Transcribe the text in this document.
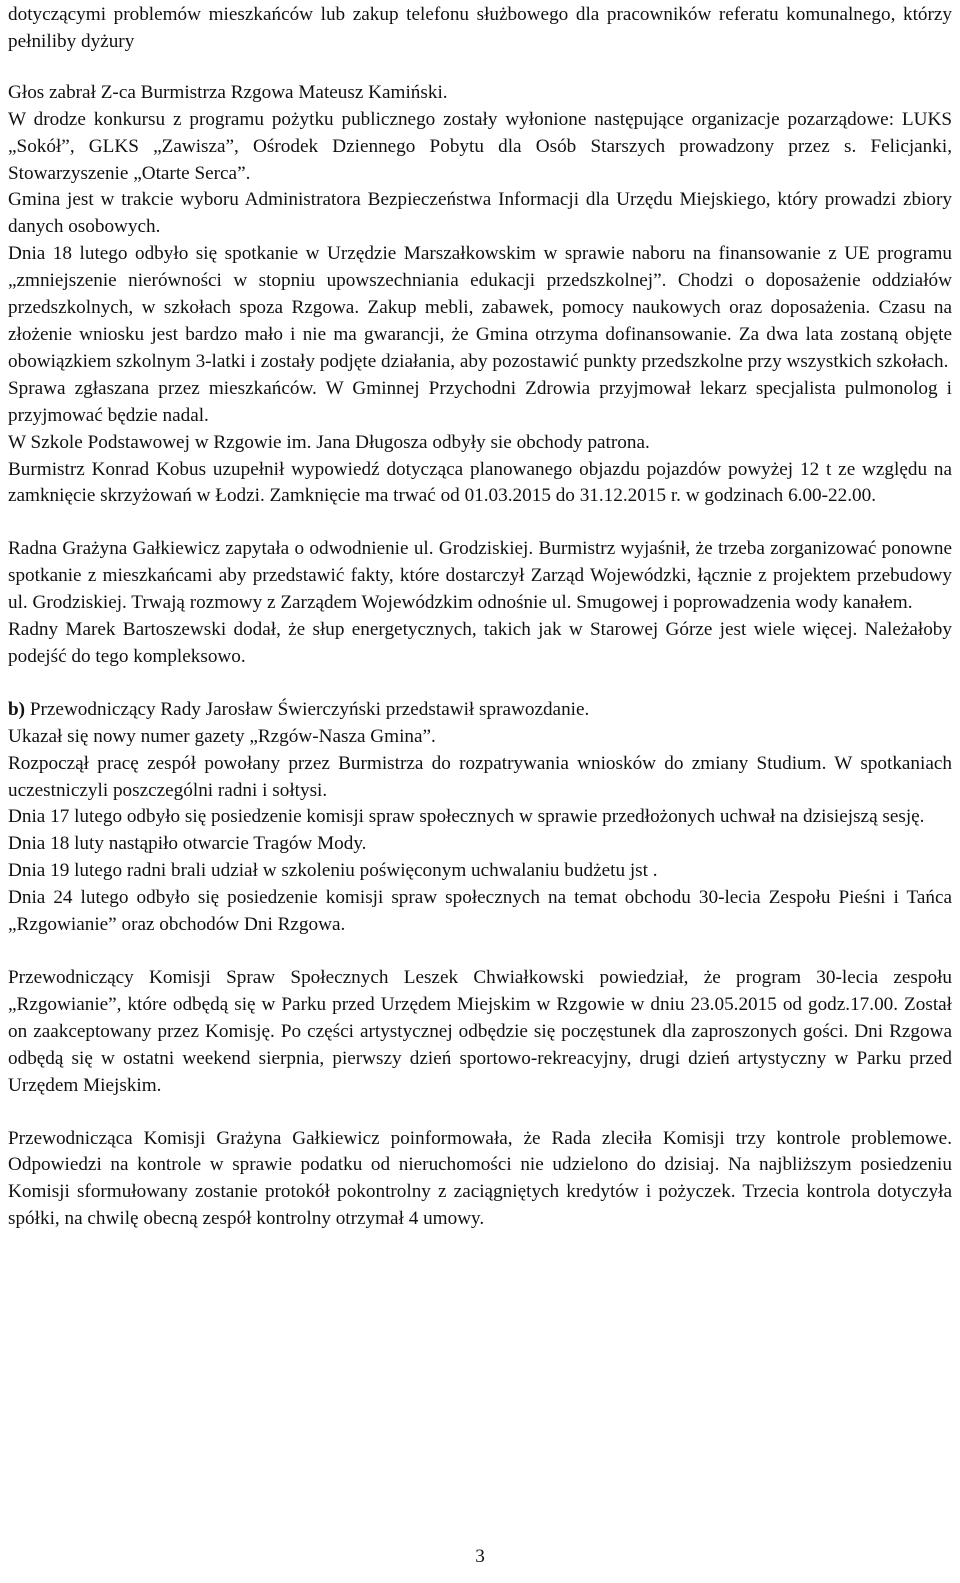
dotyczącymi problemów mieszkańców lub zakup telefonu służbowego dla pracowników referatu komunalnego, którzy pełniliby dyżury

Głos zabrał Z-ca Burmistrza Rzgowa Mateusz Kamiński.

W drodze konkursu z programu pożytku publicznego zostały wyłonione następujące organizacje pozarządowe: LUKS „Sokół”, GLKS „Zawisza”, Ośrodek Dziennego Pobytu dla Osób Starszych prowadzony przez s. Felicjanki, Stowarzyszenie „Otarte Serca”.

Gmina jest w trakcie wyboru Administratora Bezpieczeństwa Informacji dla Urzędu Miejskiego, który prowadzi zbiory danych osobowych.

Dnia 18 lutego odbyło się spotkanie w Urzędzie Marszałkowskim w sprawie naboru na finansowanie z UE programu „zmniejszenie nierówności w stopniu upowszechniania edukacji przedszkolnej”. Chodzi o doposażenie oddziałów przedszkolnych, w szkołach spoza Rzgowa. Zakup mebli, zabawek, pomocy naukowych oraz doposażenia. Czasu na złożenie wniosku jest bardzo mało i nie ma gwarancji, że Gmina otrzyma dofinansowanie. Za dwa lata zostaną objęte obowiązkiem szkolnym 3-latki i zostały podjęte działania, aby pozostawić punkty przedszkolne przy wszystkich szkołach.

Sprawa zgłaszana przez mieszkańców. W Gminnej Przychodni Zdrowia przyjmował lekarz specjalista pulmonolog i przyjmować będzie nadal.

W Szkole Podstawowej w Rzgowie im. Jana Długosza odbyły sie obchody patrona.

Burmistrz Konrad Kobus uzupełnił wypowiedź dotycząca planowanego objazdu pojazdów powyżej 12 t ze względu na zamknięcie skrzyżowań w Łodzi. Zamknięcie ma trwać od 01.03.2015 do 31.12.2015 r. w godzinach 6.00-22.00.

Radna Grażyna Gałkiewicz zapytała o odwodnienie ul. Grodziskiej. Burmistrz wyjaśnił, że trzeba zorganizować ponowne spotkanie z mieszkańcami aby przedstawić fakty, które dostarczył Zarząd Wojewódzki, łącznie z projektem przebudowy ul. Grodziskiej. Trwają rozmowy z Zarządem Wojewódzkim odnośnie ul. Smugowej i poprowadzenia wody kanałem.

Radny Marek Bartoszewski dodał, że słup energetycznych, takich jak w Starowej Górze jest wiele więcej. Należałoby podejść do tego kompleksowo.

b) Przewodniczący Rady Jarosław Świerczyński przedstawił sprawozdanie.

Ukazał się nowy numer gazety „Rzgów-Nasza Gmina”.

Rozpoczął pracę zespół powołany przez Burmistrza do rozpatrywania wniosków do zmiany Studium. W spotkaniach uczestniczyli poszczególni radni i sołtysi.

Dnia 17 lutego odbyło się posiedzenie komisji spraw społecznych w sprawie przedłożonych uchwał na dzisiejszą sesję.

Dnia 18 luty nastąpiło otwarcie Tragów Mody.

Dnia 19 lutego radni brali udział w szkoleniu poświęconym uchwalaniu budżetu jst .

Dnia 24 lutego odbyło się posiedzenie komisji spraw społecznych na temat obchodu 30-lecia Zespołu Pieśni i Tańca „Rzgowianie” oraz obchodów Dni Rzgowa.

Przewodniczący Komisji Spraw Społecznych Leszek Chwiałkowski powiedział, że program 30-lecia zespołu „Rzgowianie”, które odbędą się w Parku przed Urzędem Miejskim w Rzgowie w dniu 23.05.2015 od godz.17.00. Został on zaakceptowany przez Komisję. Po części artystycznej odbędzie się poczęstunek dla zaproszonych gości. Dni Rzgowa odbędą się w ostatni weekend sierpnia, pierwszy dzień sportowo-rekreacyjny, drugi dzień artystyczny w Parku przed Urzędem Miejskim.

Przewodnicząca Komisji Grażyna Gałkiewicz poinformowała, że Rada zleciła Komisji trzy kontrole problemowe. Odpowiedzi na kontrole w sprawie podatku od nieruchomości nie udzielono do dzisiaj. Na najbliższym posiedzeniu Komisji sformułowany zostanie protokół pokontrolny z zaciągniętych kredytów i pożyczek. Trzecia kontrola dotyczyła spółki, na chwilę obecną zespół kontrolny otrzymał 4 umowy.

3
